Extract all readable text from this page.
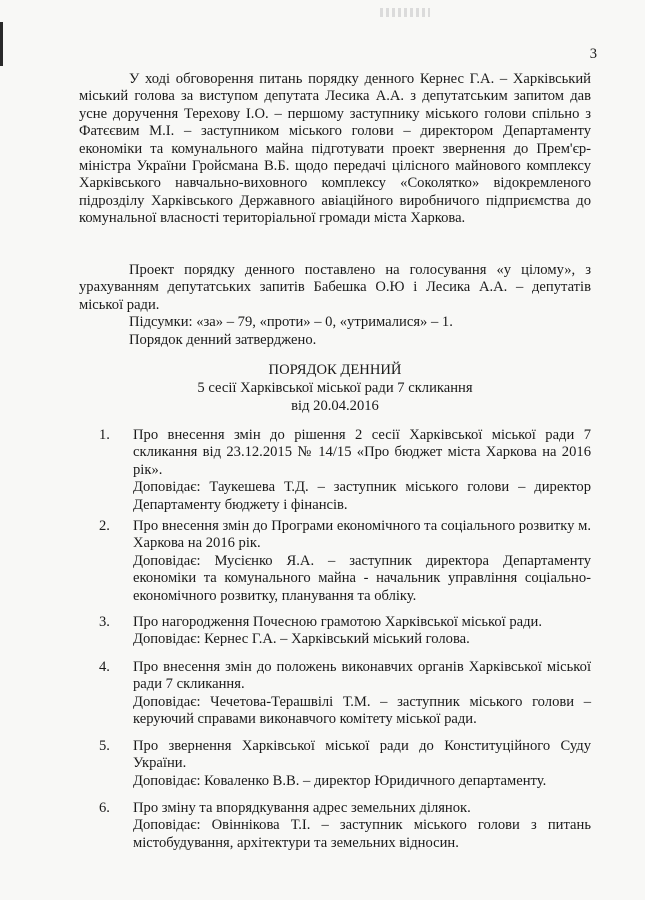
3

У ході обговорення питань порядку денного Кернес Г.А. – Харківський міський голова за виступом депутата Лесика А.А. з депутатським запитом дав усне доручення Терехову І.О. – першому заступнику міського голови спільно з Фатєєвим М.І. – заступником міського голови – директором Департаменту економіки та комунального майна підготувати проект звернення до Прем'єр-міністра України Гройсмана В.Б. щодо передачі цілісного майнового комплексу Харківського навчально-виховного комплексу «Соколятко» відокремленого підрозділу Харківського Державного авіаційного виробничого підприємства до комунальної власності територіальної громади міста Харкова.

Проект порядку денного поставлено на голосування «у цілому», з урахуванням депутатських запитів Бабешка О.Ю і Лесика А.А. – депутатів міської ради.

Підсумки: «за» – 79, «проти» – 0, «утрималися» – 1.

Порядок денний затверджено.

ПОРЯДОК ДЕННИЙ

5 сесії Харківської міської ради 7 скликання

від 20.04.2016

1.	Про внесення змін до рішення 2 сесії Харківської міської ради 7 скликання від 23.12.2015 № 14/15 «Про бюджет міста Харкова на 2016 рік».

Доповідає: Таукешева Т.Д. – заступник міського голови – директор Департаменту бюджету і фінансів.

2.	Про внесення змін до Програми економічного та соціального розвитку м. Харкова на 2016 рік.

Доповідає: Мусієнко Я.А. – заступник директора Департаменту економіки та комунального майна - начальник управління соціально-економічного розвитку, планування та обліку.

3.	Про нагородження Почесною грамотою Харківської міської ради.

Доповідає: Кернес Г.А. – Харківський міський голова.

4.	Про внесення змін до положень виконавчих органів Харківської міської ради 7 скликання.

Доповідає: Чечетова-Терашвілі Т.М. – заступник міського голови – керуючий справами виконавчого комітету міської ради.

5.	Про звернення Харківської міської ради до Конституційного Суду України.

Доповідає: Коваленко В.В. – директор Юридичного департаменту.

6.	Про зміну та впорядкування адрес земельних ділянок.

Доповідає: Овіннікова Т.І. – заступник міського голови з питань містобудування, архітектури та земельних відносин.
